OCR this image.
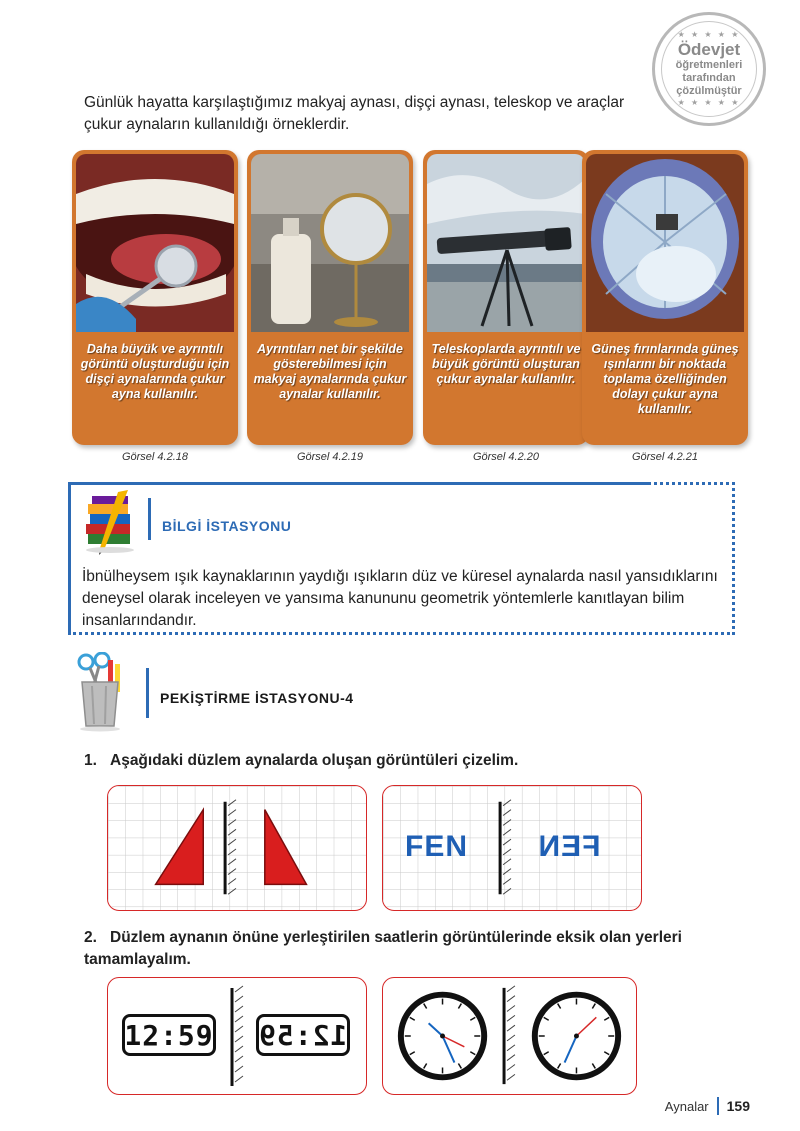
★ ★ ★ ★ ★
Ödevjet
öğretmenleri
tarafından
çözülmüştür
★ ★ ★ ★ ★
Günlük hayatta karşılaştığımız makyaj aynası, dişçi aynası, teleskop ve araçlar çukur aynaların kullanıldığı örneklerdir.
Daha büyük ve ayrıntılı görüntü oluşturduğu için dişçi aynalarında çukur ayna kullanılır.
Görsel 4.2.18
Ayrıntıları net bir şekilde gösterebilmesi için makyaj aynalarında çukur aynalar kullanılır.
Görsel 4.2.19
Teleskoplarda ayrıntılı ve büyük görüntü oluşturan çukur aynalar kullanılır.
Görsel 4.2.20
Güneş fırınlarında güneş ışınlarını bir noktada toplama özelliğinden dolayı çukur ayna kullanılır.
Görsel 4.2.21
BİLGİ İSTASYONU
İbnülheysem ışık kaynaklarının yaydığı ışıkların düz ve küresel aynalarda nasıl yansıdıklarını deneysel olarak inceleyen ve yansıma kanununu geometrik yöntemlerle kanıtlayan bilim insanlarındandır.
PEKİŞTİRME İSTASYONU-4
1. Aşağıdaki düzlem aynalarda oluşan görüntüleri çizelim.
FEN FEN
2. Düzlem aynanın önüne yerleştirilen saatlerin görüntülerinde eksik olan yerleri tamamlayalım.
12:59 12:59
Aynalar 159
